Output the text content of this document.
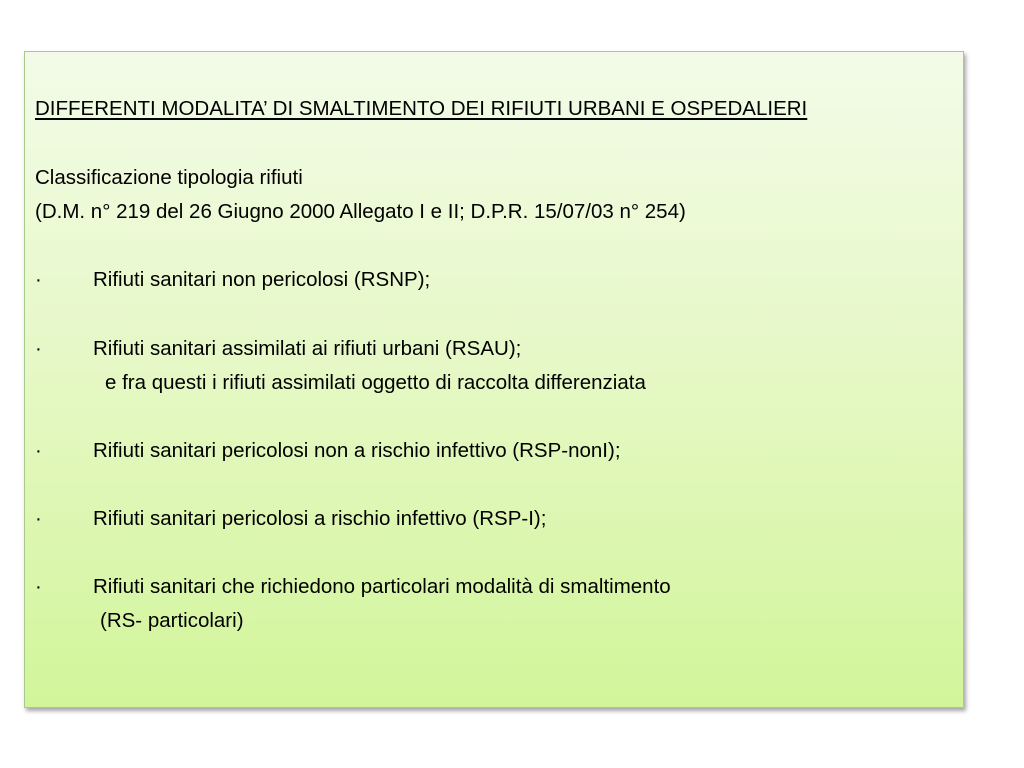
DIFFERENTI MODALITA’ DI SMALTIMENTO DEI RIFIUTI URBANI E OSPEDALIERI
Classificazione tipologia rifiuti
(D.M. n° 219 del 26 Giugno 2000 Allegato I e II; D.P.R. 15/07/03 n° 254)
· Rifiuti sanitari non pericolosi (RSNP);
· Rifiuti sanitari assimilati ai rifiuti urbani (RSAU);
e fra questi i rifiuti assimilati oggetto di raccolta differenziata
· Rifiuti sanitari pericolosi non a rischio infettivo (RSP-nonI);
· Rifiuti sanitari pericolosi a rischio infettivo (RSP-I);
· Rifiuti sanitari che richiedono particolari modalità di smaltimento
(RS- particolari)
